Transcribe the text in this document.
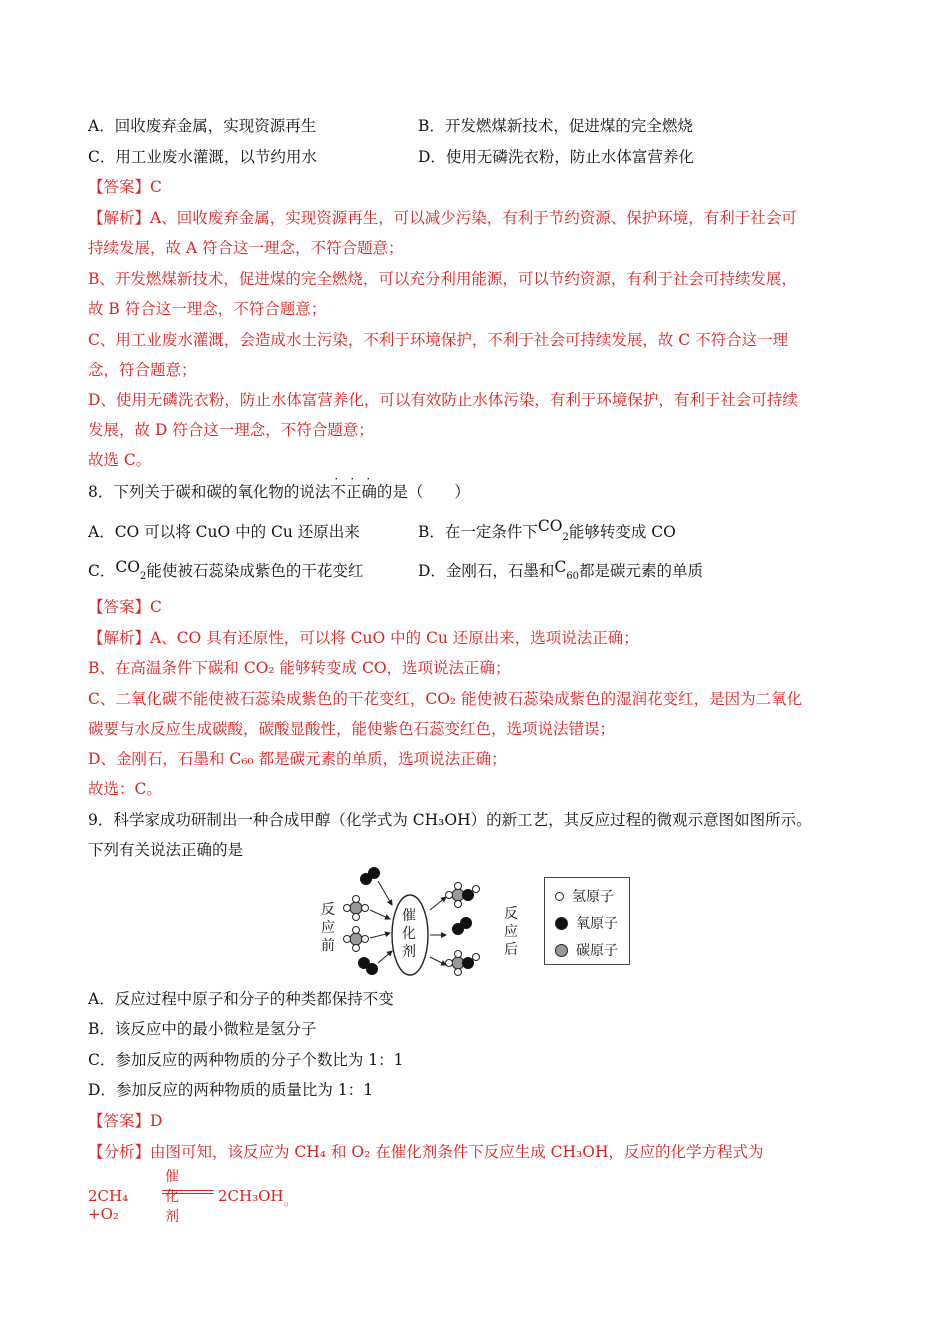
A．回收废弃金属，实现资源再生	B．开发燃煤新技术，促进煤的完全燃烧
C．用工业废水灌溉，以节约用水	D．使用无磷洗衣粉，防止水体富营养化
【答案】C
【解析】A、回收废弃金属，实现资源再生，可以减少污染，有利于节约资源、保护环境，有利于社会可
持续发展，故 A 符合这一理念，不符合题意；
B、开发燃煤新技术，促进煤的完全燃烧，可以充分利用能源，可以节约资源，有利于社会可持续发展，
故 B 符合这一理念，不符合题意；
C、用工业废水灌溉，会造成水土污染，不利于环境保护，不利于社会可持续发展，故 C 不符合这一理
念，符合题意；
D、使用无磷洗衣粉，防止水体富营养化，可以有效防止水体污染，有利于环境保护，有利于社会可持续
发展，故 D 符合这一理念，不符合题意；
故选 C。
8．下列关于碳和碳的氧化物的说法不正确
· · ·
的是（　　）
A．CO 可以将 CuO 中的 Cu 还原出来	B．在一定条件下$CO_2$能够转变成 CO
C．$CO_2$能使被石蕊染成紫色的干花变红	D．金刚石，石墨和$C_{60}$都是碳元素的单质
【答案】C
【解析】A、CO 具有还原性，可以将 CuO 中的 Cu 还原出来，选项说法正确；
B、在高温条件下碳和 CO₂ 能够转变成 CO，选项说法正确；
C、二氧化碳不能使被石蕊染成紫色的干花变红，CO₂ 能使被石蕊染成紫色的湿润花变红，是因为二氧化
碳要与水反应生成碳酸，碳酸显酸性，能使紫色石蕊变红色，选项说法错误；
D、金刚石，石墨和 C₆₀ 都是碳元素的单质，选项说法正确；
故选：C。
9．科学家成功研制出一种合成甲醇（化学式为 CH₃OH）的新工艺，其反应过程的微观示意图如图所示。
下列有关说法正确的是
反应前
反应后
催化剂
氢原子
氧原子
碳原子
A．反应过程中原子和分子的种类都保持不变
B．该反应中的最小微粒是氢分子
C．参加反应的两种物质的分子个数比为 1：1
D．参加反应的两种物质的质量比为 1：1
【答案】D
【分析】由图可知，该反应为 CH₄ 和 O₂ 在催化剂条件下反应生成 CH₃OH，反应的化学方程式为
2CH₄ +O₂
催化剂
2CH₃OH 。
